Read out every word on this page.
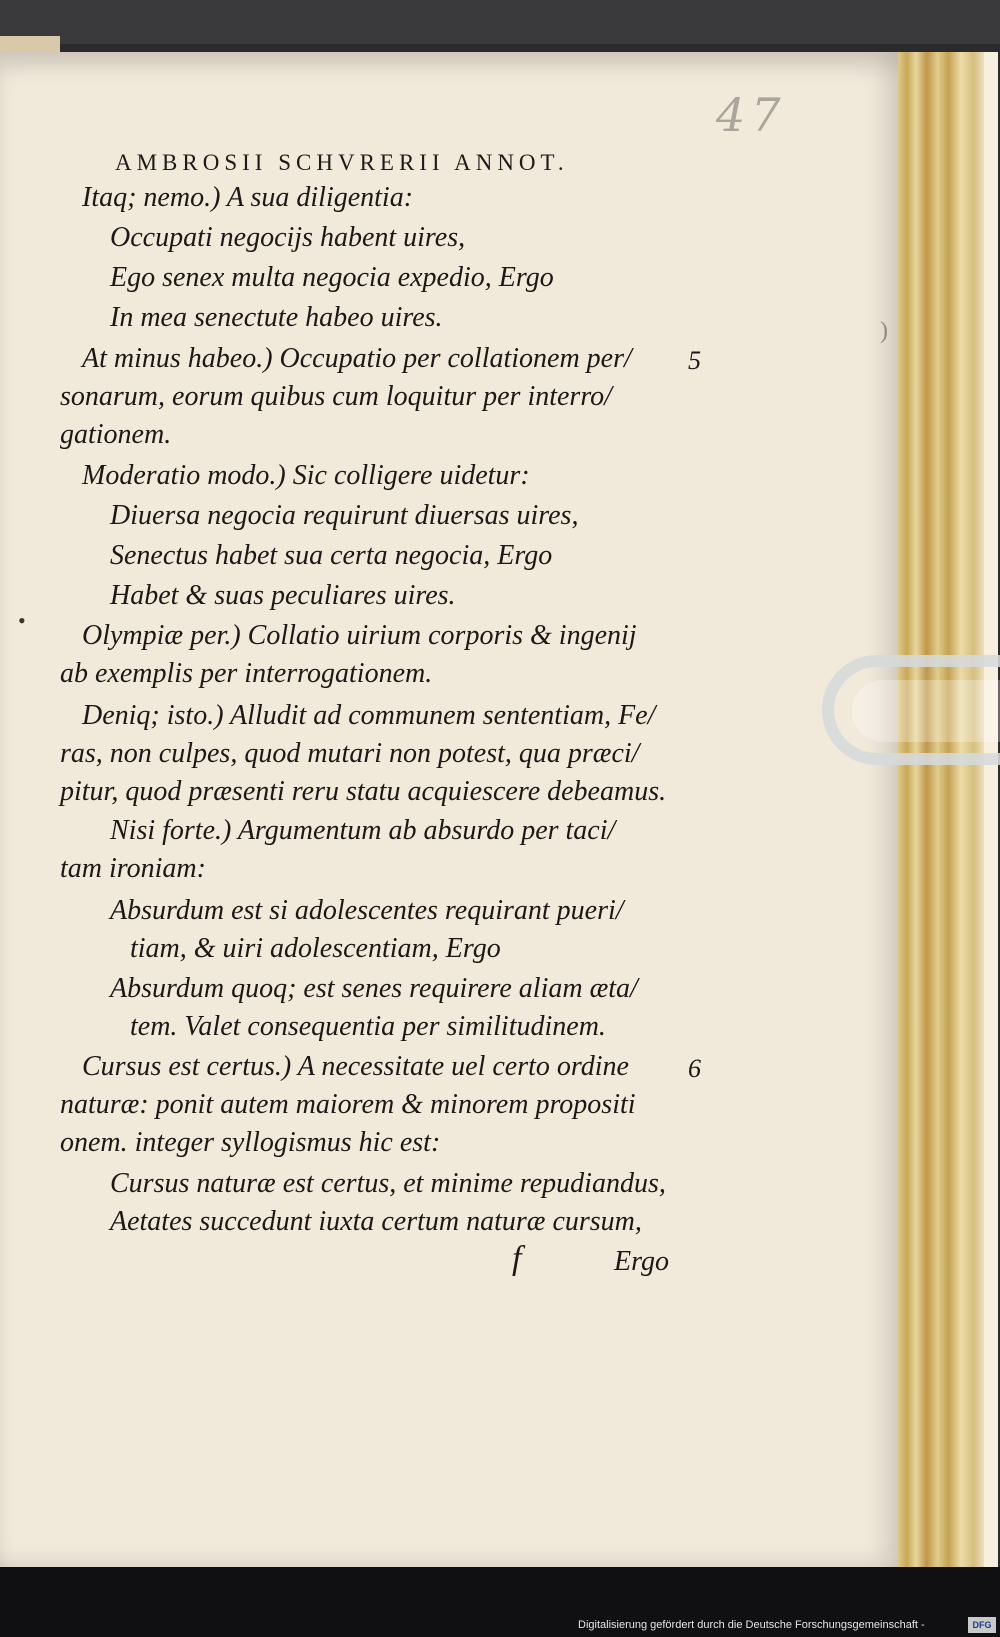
47
)
•
AMBROSII SCHVRERII ANNOT.
Itaq; nemo.) A sua diligentia:
Occupati negocijs habent uires,
Ego senex multa negocia expedio, Ergo
In mea senectute habeo uires.
At minus habeo.) Occupatio per collationem per/
sonarum, eorum quibus cum loquitur per interro/
gationem.
Moderatio modo.) Sic colligere uidetur:
Diuersa negocia requirunt diuersas uires,
Senectus habet sua certa negocia, Ergo
Habet & suas peculiares uires.
Olympiæ per.) Collatio uirium corporis & ingenij
ab exemplis per interrogationem.
Deniq; isto.) Alludit ad communem sententiam, Fe/
ras, non culpes, quod mutari non potest, qua præci/
pitur, quod præsenti reru statu acquiescere debeamus.
Nisi forte.) Argumentum ab absurdo per taci/
tam ironiam:
Absurdum est si adolescentes requirant pueri/
tiam, & uiri adolescentiam, Ergo
Absurdum quoq; est senes requirere aliam æta/
tem. Valet consequentia per similitudinem.
Cursus est certus.) A necessitate uel certo ordine
naturæ: ponit autem maiorem & minorem propositi
onem. integer syllogismus hic est:
Cursus naturæ est certus, et minime repudiandus,
Aetates succedunt iuxta certum naturæ cursum,
5
6
f	Ergo
Digitalisierung gefördert durch die Deutsche Forschungsgemeinschaft -	DFG
